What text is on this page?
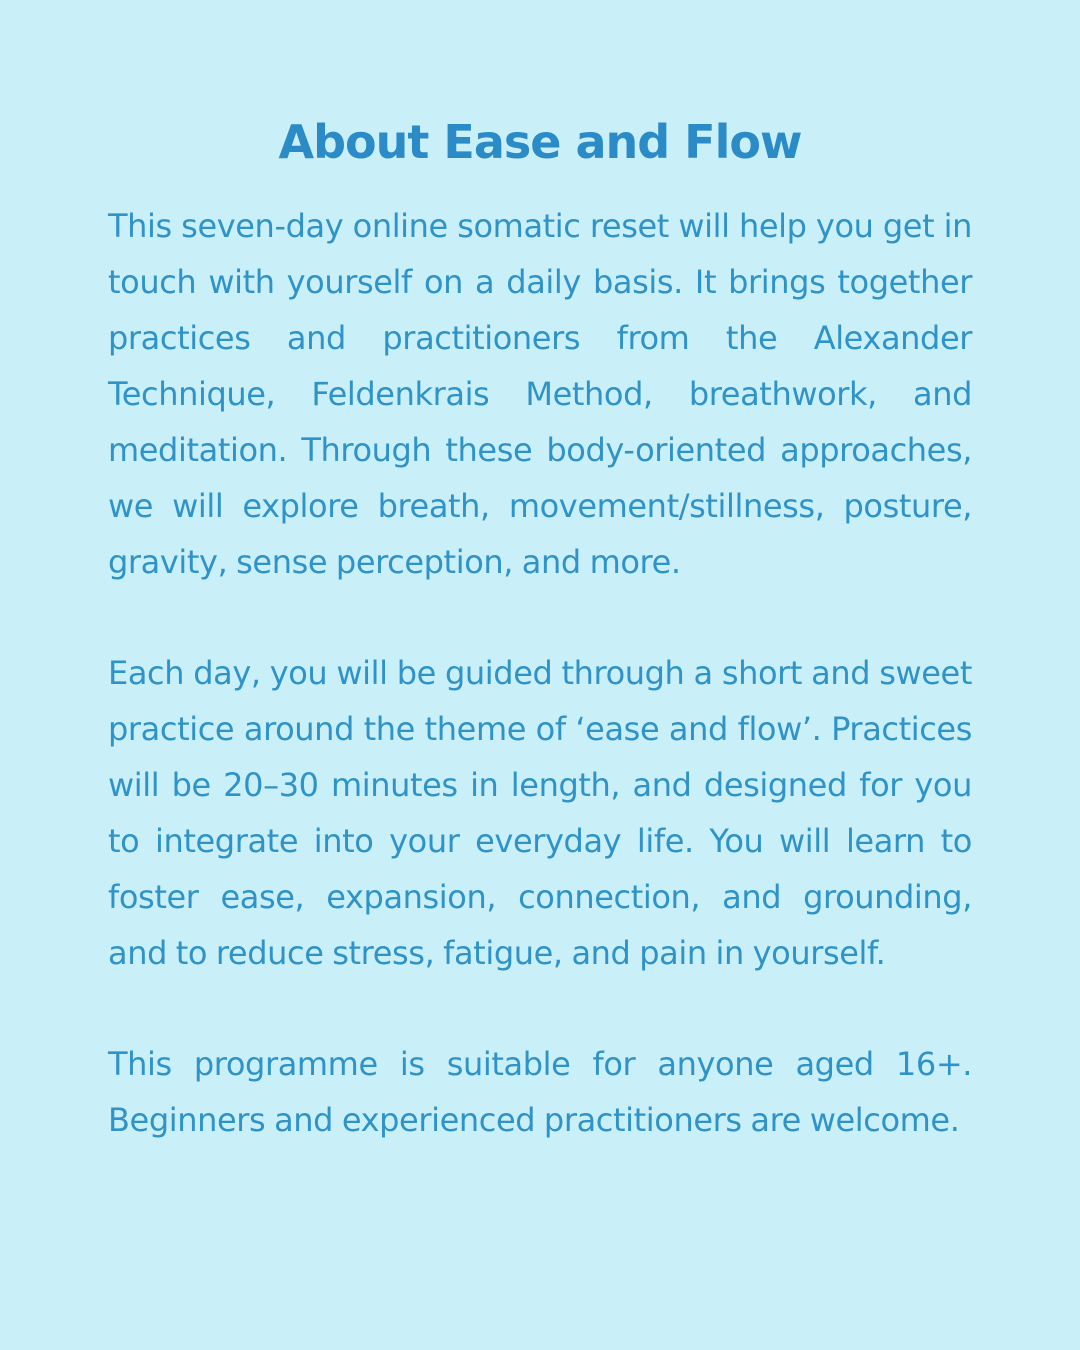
About Ease and Flow

This seven-day online somatic reset will help you get in touch with yourself on a daily basis. It brings together practices and practitioners from the Alexander Technique, Feldenkrais Method, breathwork, and meditation. Through these body-oriented approaches, we will explore breath, movement/stillness, posture, gravity, sense perception, and more.

Each day, you will be guided through a short and sweet practice around the theme of ‘ease and flow’. Practices will be 20–30 minutes in length, and designed for you to integrate into your everyday life. You will learn to foster ease, expansion, connection, and grounding, and to reduce stress, fatigue, and pain in yourself.

This programme is suitable for anyone aged 16+. Beginners and experienced practitioners are welcome.
